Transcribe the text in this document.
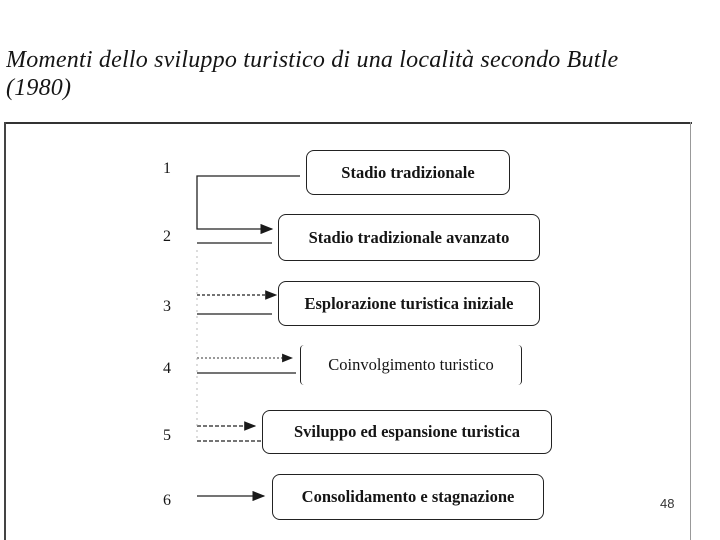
Momenti dello sviluppo turistico di una località secondo Butle
(1980)
1
2
3
4
5
6
Stadio tradizionale
Stadio tradizionale avanzato
Esplorazione turistica iniziale
Coinvolgimento turistico
Sviluppo ed espansione turistica
Consolidamento e stagnazione	48
